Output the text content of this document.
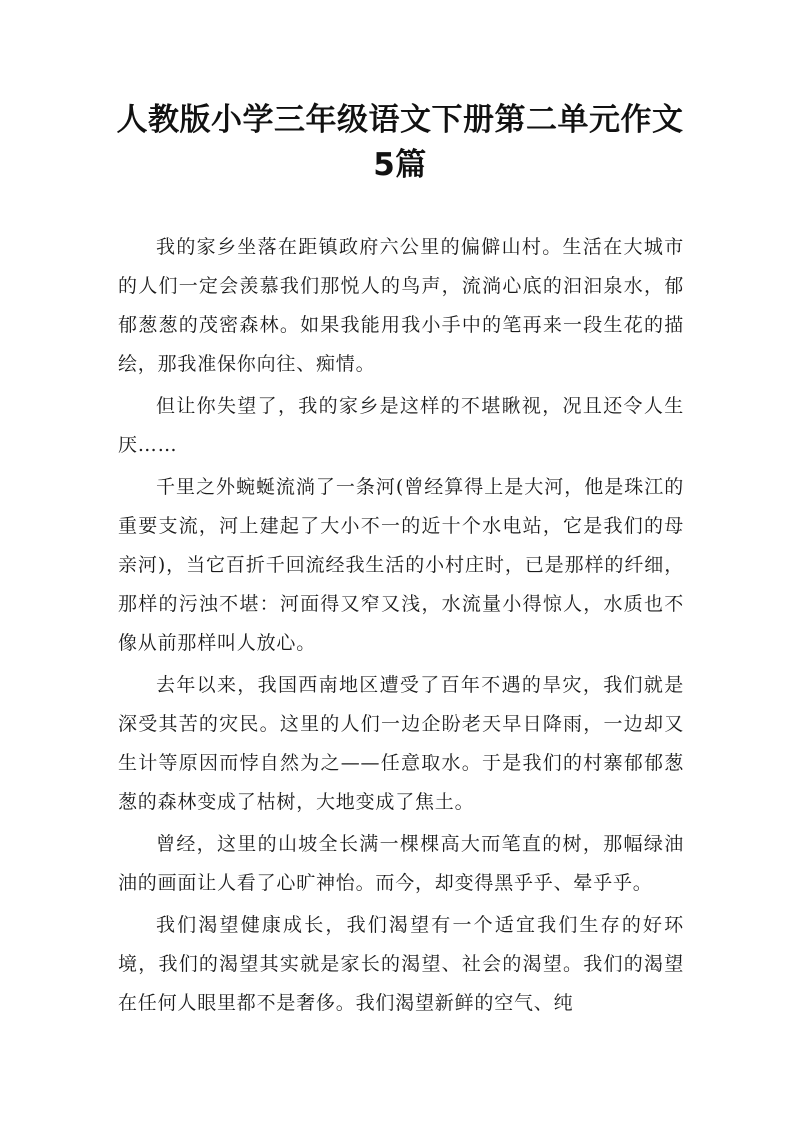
人教版小学三年级语文下册第二单元作文
5篇

我的家乡坐落在距镇政府六公里的偏僻山村。生活在大城市的人们一定会羡慕我们那悦人的鸟声，流淌心底的汩汩泉水，郁郁葱葱的茂密森林。如果我能用我小手中的笔再来一段生花的描绘，那我准保你向往、痴情。

但让你失望了，我的家乡是这样的不堪瞅视，况且还令人生厌……

千里之外蜿蜒流淌了一条河(曾经算得上是大河，他是珠江的重要支流，河上建起了大小不一的近十个水电站，它是我们的母亲河)，当它百折千回流经我生活的小村庄时，已是那样的纤细，那样的污浊不堪：河面得又窄又浅，水流量小得惊人，水质也不像从前那样叫人放心。

去年以来，我国西南地区遭受了百年不遇的旱灾，我们就是深受其苦的灾民。这里的人们一边企盼老天早日降雨，一边却又生计等原因而悖自然为之——任意取水。于是我们的村寨郁郁葱葱的森林变成了枯树，大地变成了焦土。

曾经，这里的山坡全长满一棵棵高大而笔直的树，那幅绿油油的画面让人看了心旷神怡。而今，却变得黑乎乎、晕乎乎。

我们渴望健康成长，我们渴望有一个适宜我们生存的好环境，我们的渴望其实就是家长的渴望、社会的渴望。我们的渴望在任何人眼里都不是奢侈。我们渴望新鲜的空气、纯
